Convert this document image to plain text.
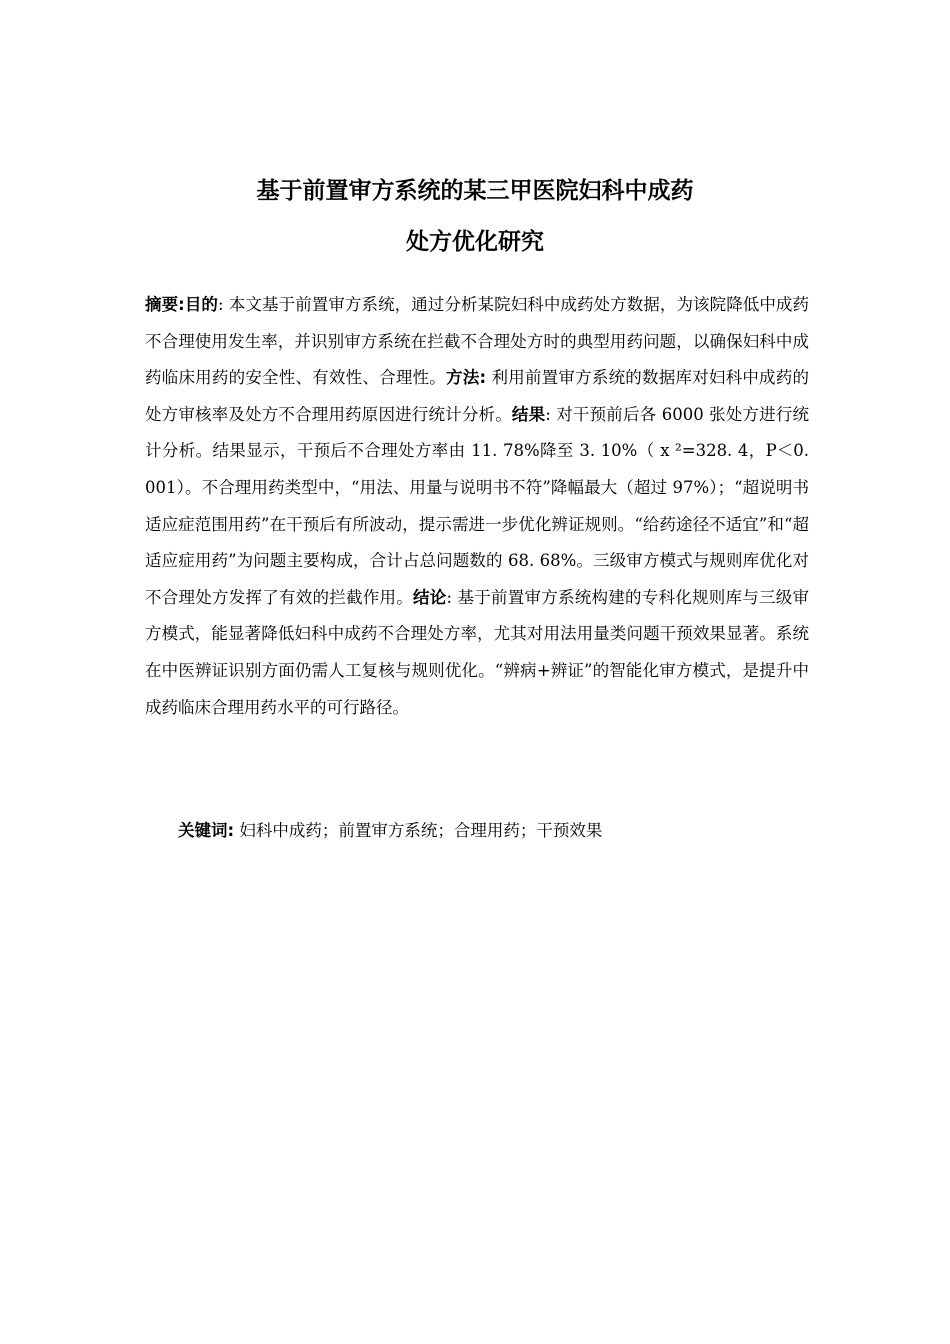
基于前置审方系统的某三甲医院妇科中成药
处方优化研究

摘要:目的: 本文基于前置审方系统，通过分析某院妇科中成药处方数据，为该院降低中成药不合理使用发生率，并识别审方系统在拦截不合理处方时的典型用药问题，以确保妇科中成药临床用药的安全性、有效性、合理性。方法: 利用前置审方系统的数据库对妇科中成药的处方审核率及处方不合理用药原因进行统计分析。结果: 对干预前后各 6000 张处方进行统计分析。结果显示，干预后不合理处方率由 11. 78%降至 3. 10%（ x ²=328. 4，P＜0. 001）。不合理用药类型中，“用法、用量与说明书不符”降幅最大（超过 97%）；“超说明书适应症范围用药”在干预后有所波动，提示需进一步优化辨证规则。“给药途径不适宜”和“超适应症用药”为问题主要构成，合计占总问题数的 68. 68%。三级审方模式与规则库优化对不合理处方发挥了有效的拦截作用。结论: 基于前置审方系统构建的专科化规则库与三级审方模式，能显著降低妇科中成药不合理处方率，尤其对用法用量类问题干预效果显著。系统在中医辨证识别方面仍需人工复核与规则优化。“辨病+辨证”的智能化审方模式，是提升中成药临床合理用药水平的可行路径。

关键词: 妇科中成药；前置审方系统；合理用药；干预效果
